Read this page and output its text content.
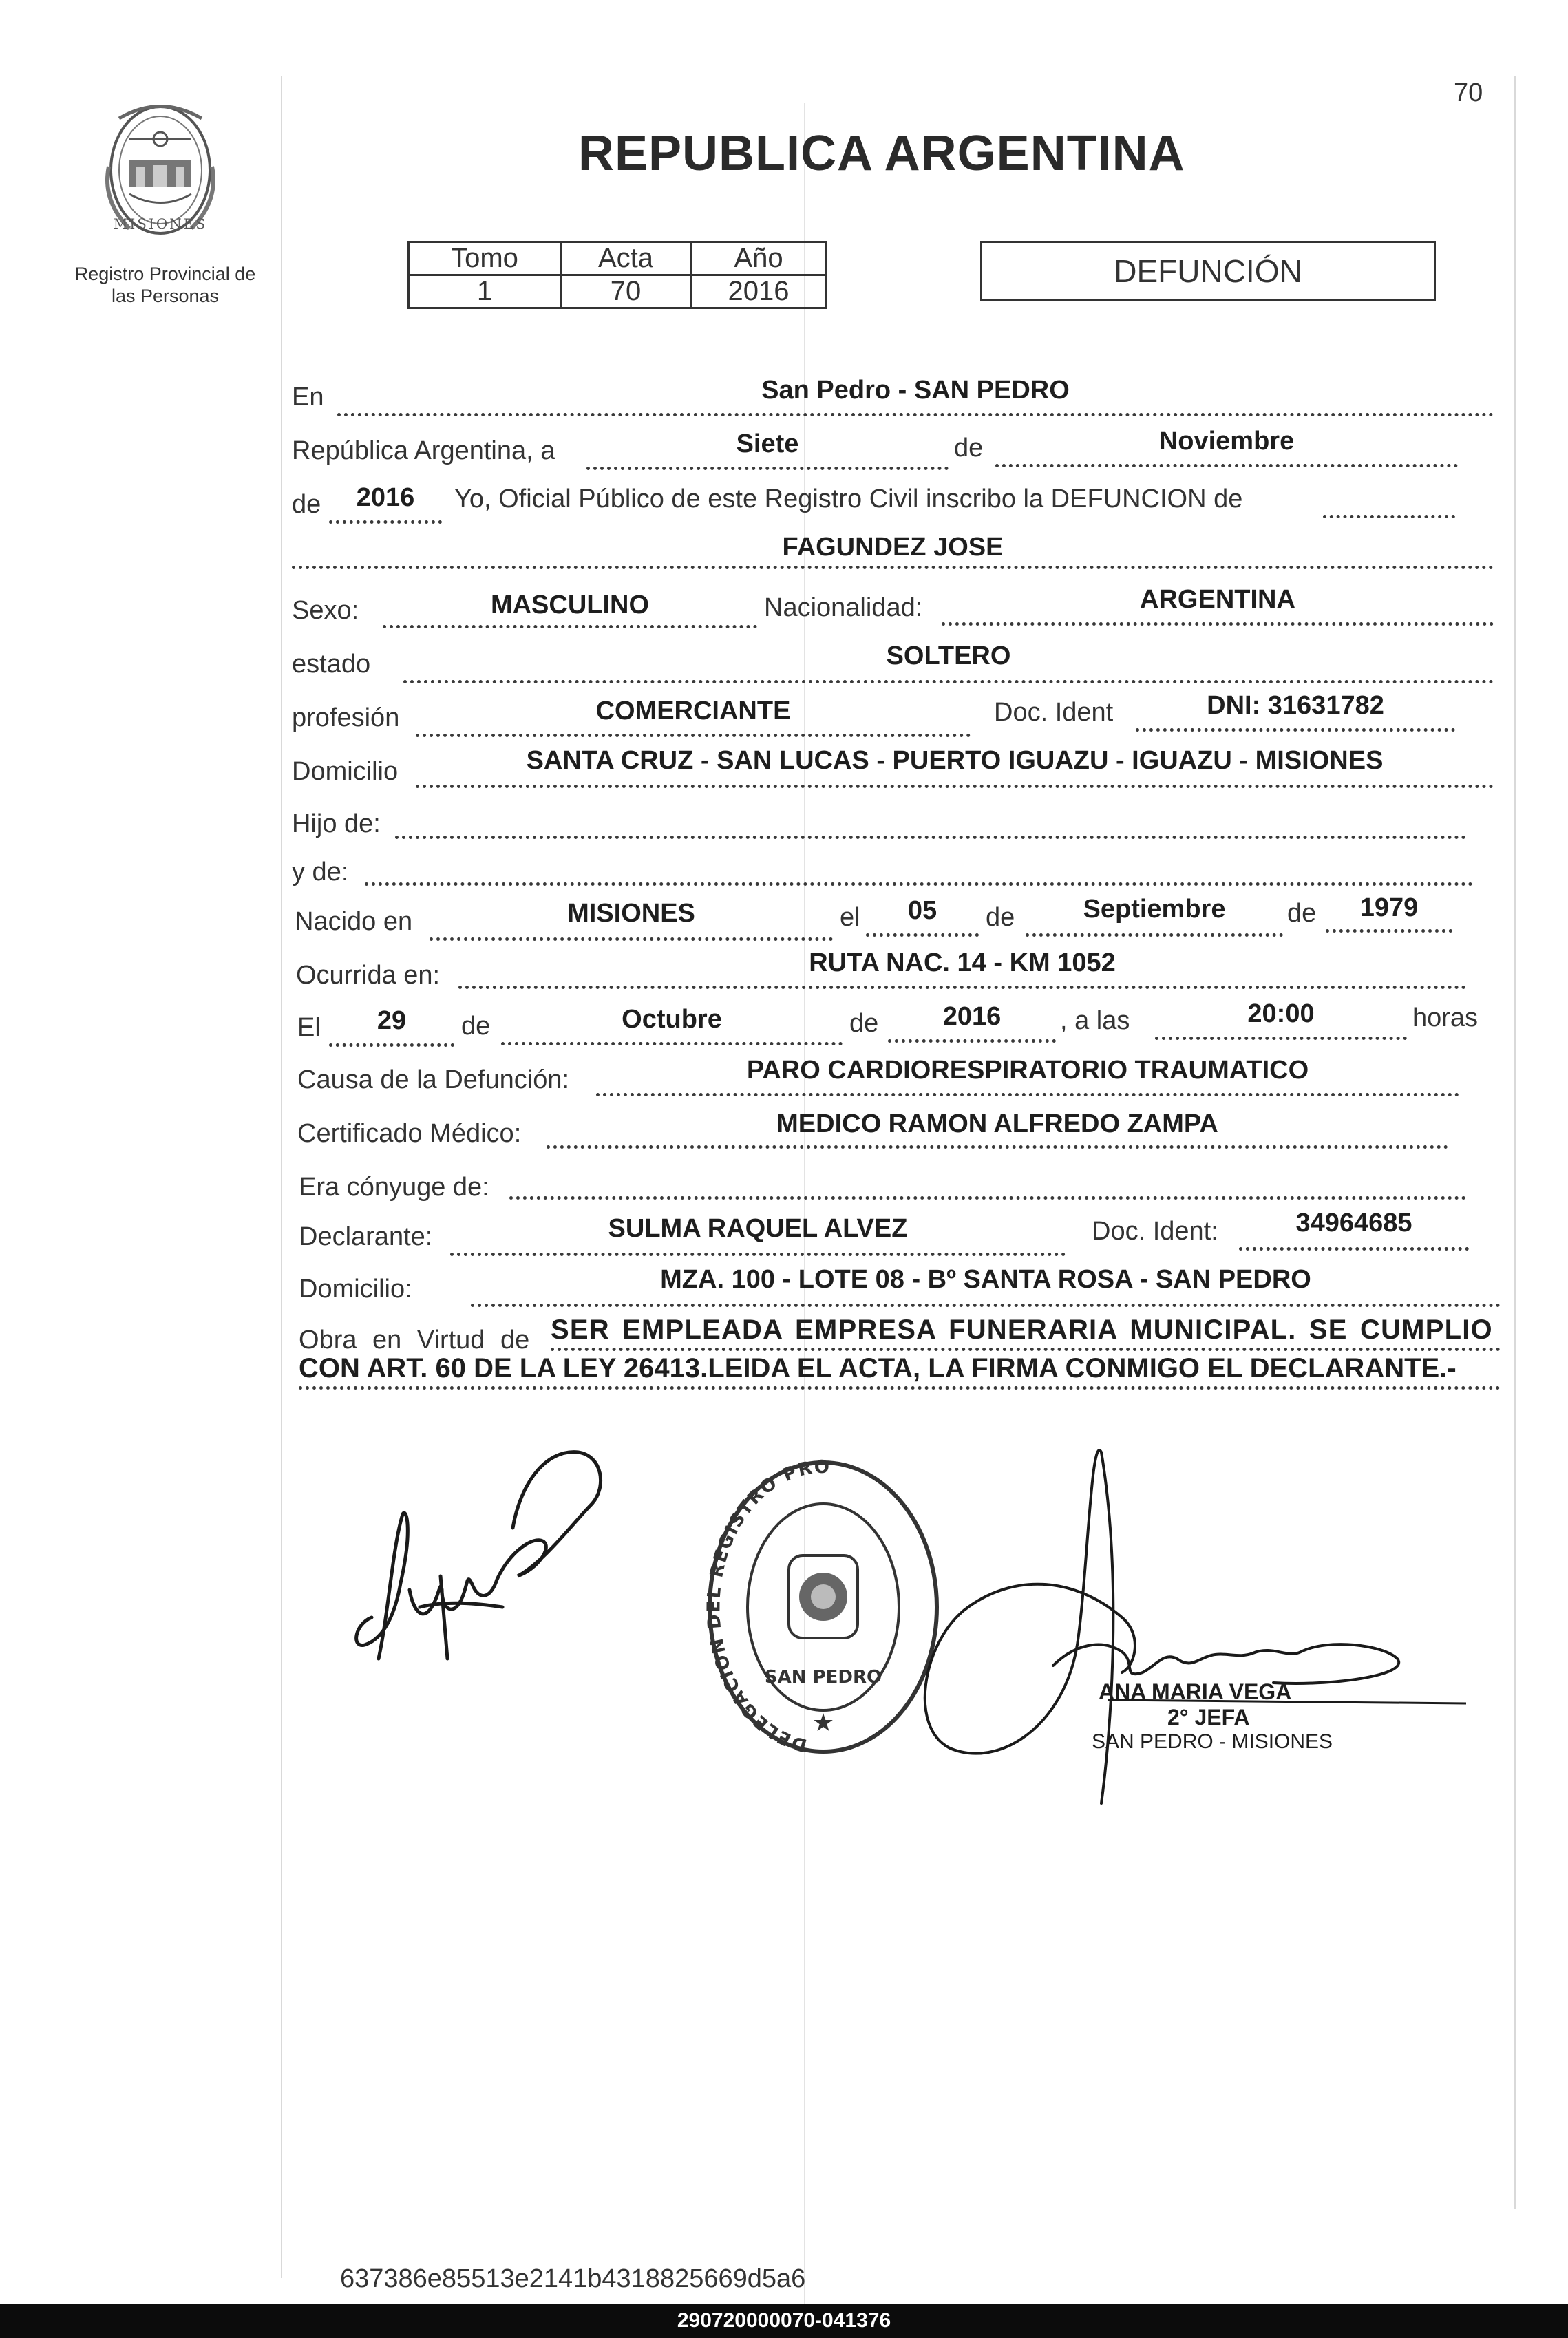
70
MISIONES
Registro Provincial de
las Personas
REPUBLICA ARGENTINA
Tomo	Acta	Año
1	70	2016
DEFUNCIÓN
En	San Pedro - SAN PEDRO
República Argentina, a	Siete	de	Noviembre
de	2016	Yo, Oficial Público de este Registro Civil inscribo la DEFUNCION de
FAGUNDEZ JOSE
Sexo:	MASCULINO	Nacionalidad:	ARGENTINA
estado	SOLTERO
profesión	COMERCIANTE	Doc. Ident	DNI: 31631782
Domicilio	SANTA CRUZ - SAN LUCAS - PUERTO IGUAZU - IGUAZU - MISIONES
Hijo de:
y de:
Nacido en	MISIONES	el	05	de	Septiembre	de	1979
Ocurrida en:	RUTA NAC. 14 - KM 1052
El	29	de	Octubre	de	2016	, a las	20:00	horas
Causa de la Defunción:	PARO CARDIORESPIRATORIO TRAUMATICO
Certificado Médico:	MEDICO RAMON ALFREDO ZAMPA
Era cónyuge de:
Declarante:	SULMA RAQUEL ALVEZ	Doc. Ident:	34964685
Domicilio:	MZA. 100 - LOTE 08 - Bº SANTA ROSA - SAN PEDRO
Obra en Virtud de SER EMPLEADA EMPRESA FUNERARIA MUNICIPAL. SE CUMPLIO
CON ART. 60 DE LA LEY 26413.LEIDA EL ACTA, LA FIRMA CONMIGO EL DECLARANTE.-
DELEGACION DEL REGISTRO PRO
SAN PEDRO
★
ANA MARIA VEGA
2° JEFA
SAN PEDRO - MISIONES
637386e85513e2141b4318825669d5a6
290720000070-041376
